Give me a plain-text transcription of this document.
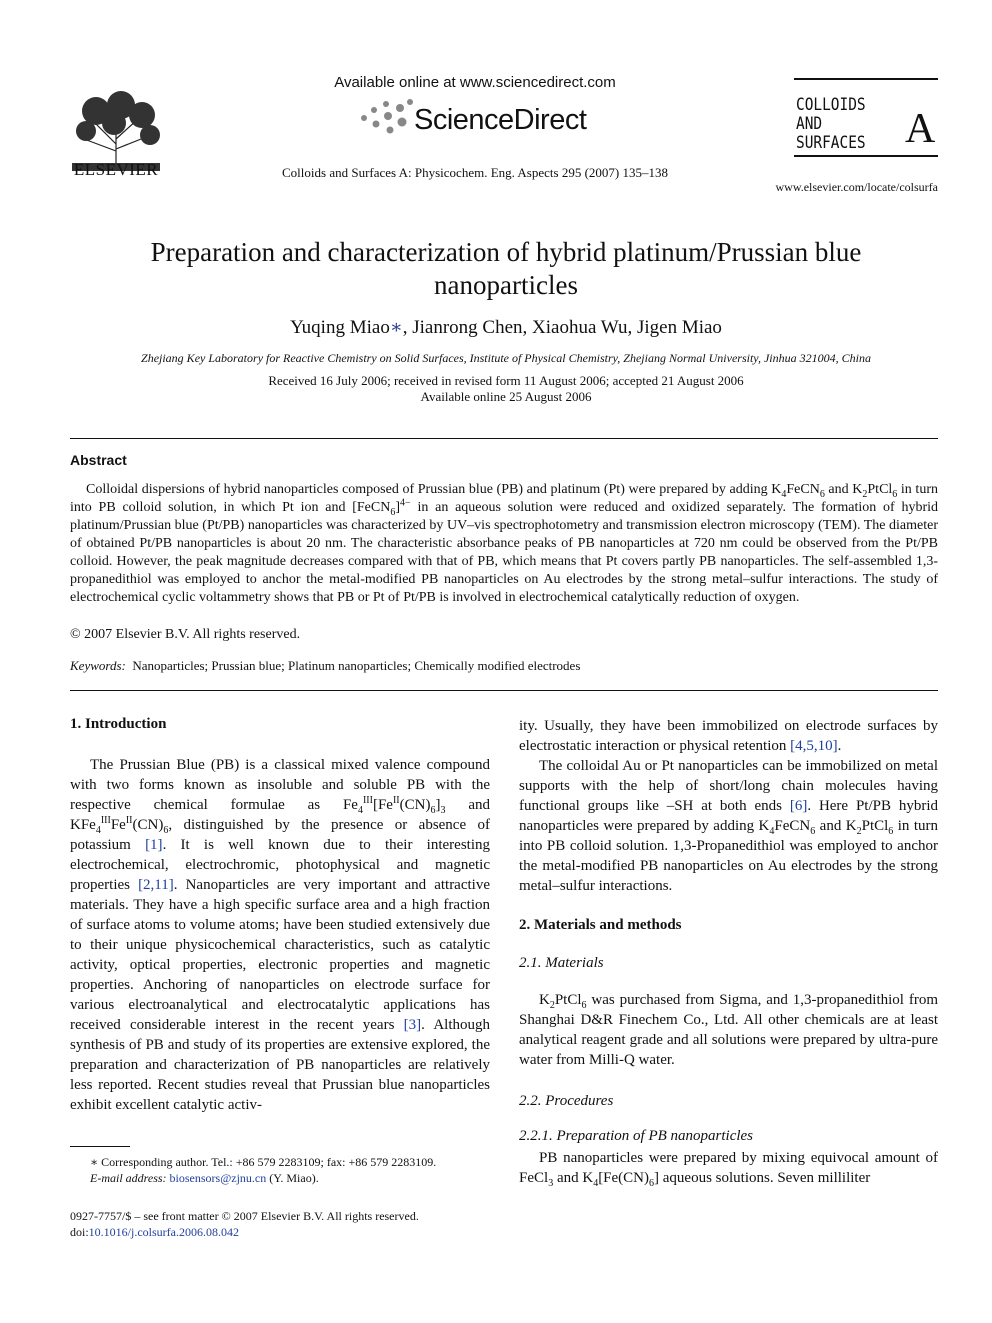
ELSEVIER
Available online at www.sciencedirect.com
ScienceDirect
Colloids and Surfaces A: Physicochem. Eng. Aspects 295 (2007) 135–138
COLLOIDS
AND
SURFACES A
www.elsevier.com/locate/colsurfa
Preparation and characterization of hybrid platinum/Prussian blue nanoparticles
Yuqing Miao∗, Jianrong Chen, Xiaohua Wu, Jigen Miao
Zhejiang Key Laboratory for Reactive Chemistry on Solid Surfaces, Institute of Physical Chemistry, Zhejiang Normal University, Jinhua 321004, China
Received 16 July 2006; received in revised form 11 August 2006; accepted 21 August 2006
Available online 25 August 2006
Abstract

Colloidal dispersions of hybrid nanoparticles composed of Prussian blue (PB) and platinum (Pt) were prepared by adding $K_4FeCN_6$ and $K_2PtCl_6$ in turn into PB colloid solution, in which Pt ion and [FeCN$_6$]$^{4-}$ in an aqueous solution were reduced and oxidized separately. The formation of hybrid platinum/Prussian blue (Pt/PB) nanoparticles was characterized by UV–vis spectrophotometry and transmission electron microscopy (TEM). The diameter of obtained Pt/PB nanoparticles is about 20 nm. The characteristic absorbance peaks of PB nanoparticles at 720 nm could be observed from the Pt/PB colloid. However, the peak magnitude decreases compared with that of PB, which means that Pt covers partly PB nanoparticles. The self-assembled 1,3-propanedithiol was employed to anchor the metal-modified PB nanoparticles on Au electrodes by the strong metal–sulfur interactions. The study of electrochemical cyclic voltammetry shows that PB or Pt of Pt/PB is involved in electrochemical catalytically reduction of oxygen.

© 2007 Elsevier B.V. All rights reserved.
Keywords: Nanoparticles; Prussian blue; Platinum nanoparticles; Chemically modified electrodes
1. Introduction

The Prussian Blue (PB) is a classical mixed valence compound with two forms known as insoluble and soluble PB with the respective chemical formulae as $Fe_4^{III}[Fe^{II}(CN)_6]_3$ and $KFe_4^{III}Fe^{II}(CN)_6$, distinguished by the presence or absence of potassium [1]. It is well known due to their interesting electrochemical, electrochromic, photophysical and magnetic properties [2,11]. Nanoparticles are very important and attractive materials. They have a high specific surface area and a high fraction of surface atoms to volume atoms; have been studied extensively due to their unique physicochemical characteristics, such as catalytic activity, optical properties, electronic properties and magnetic properties. Anchoring of nanoparticles on electrode surface for various electroanalytical and electrocatalytic applications has received considerable interest in the recent years [3]. Although synthesis of PB and study of its properties are extensive explored, the preparation and characterization of PB nanoparticles are relatively less reported. Recent studies reveal that Prussian blue nanoparticles exhibit excellent catalytic activ-

∗ Corresponding author. Tel.: +86 579 2283109; fax: +86 579 2283109.
E-mail address: biosensors@zjnu.cn (Y. Miao).
0927-7757/$ – see front matter © 2007 Elsevier B.V. All rights reserved.
doi:10.1016/j.colsurfa.2006.08.042

ity. Usually, they have been immobilized on electrode surfaces by electrostatic interaction or physical retention [4,5,10].

The colloidal Au or Pt nanoparticles can be immobilized on metal supports with the help of short/long chain molecules having functional groups like –SH at both ends [6]. Here Pt/PB hybrid nanoparticles were prepared by adding $K_4FeCN_6$ and $K_2PtCl_6$ in turn into PB colloid solution. 1,3-Propanedithiol was employed to anchor the metal-modified PB nanoparticles on Au electrodes by the strong metal–sulfur interactions.

2. Materials and methods
2.1. Materials

$K_2PtCl_6$ was purchased from Sigma, and 1,3-propanedithiol from Shanghai D&R Finechem Co., Ltd. All other chemicals are at least analytical reagent grade and all solutions were prepared by ultra-pure water from Milli-Q water.

2.2. Procedures
2.2.1. Preparation of PB nanoparticles

PB nanoparticles were prepared by mixing equivocal amount of FeCl$_3$ and $K_4[Fe(CN)_6]$ aqueous solutions. Seven milliliter
